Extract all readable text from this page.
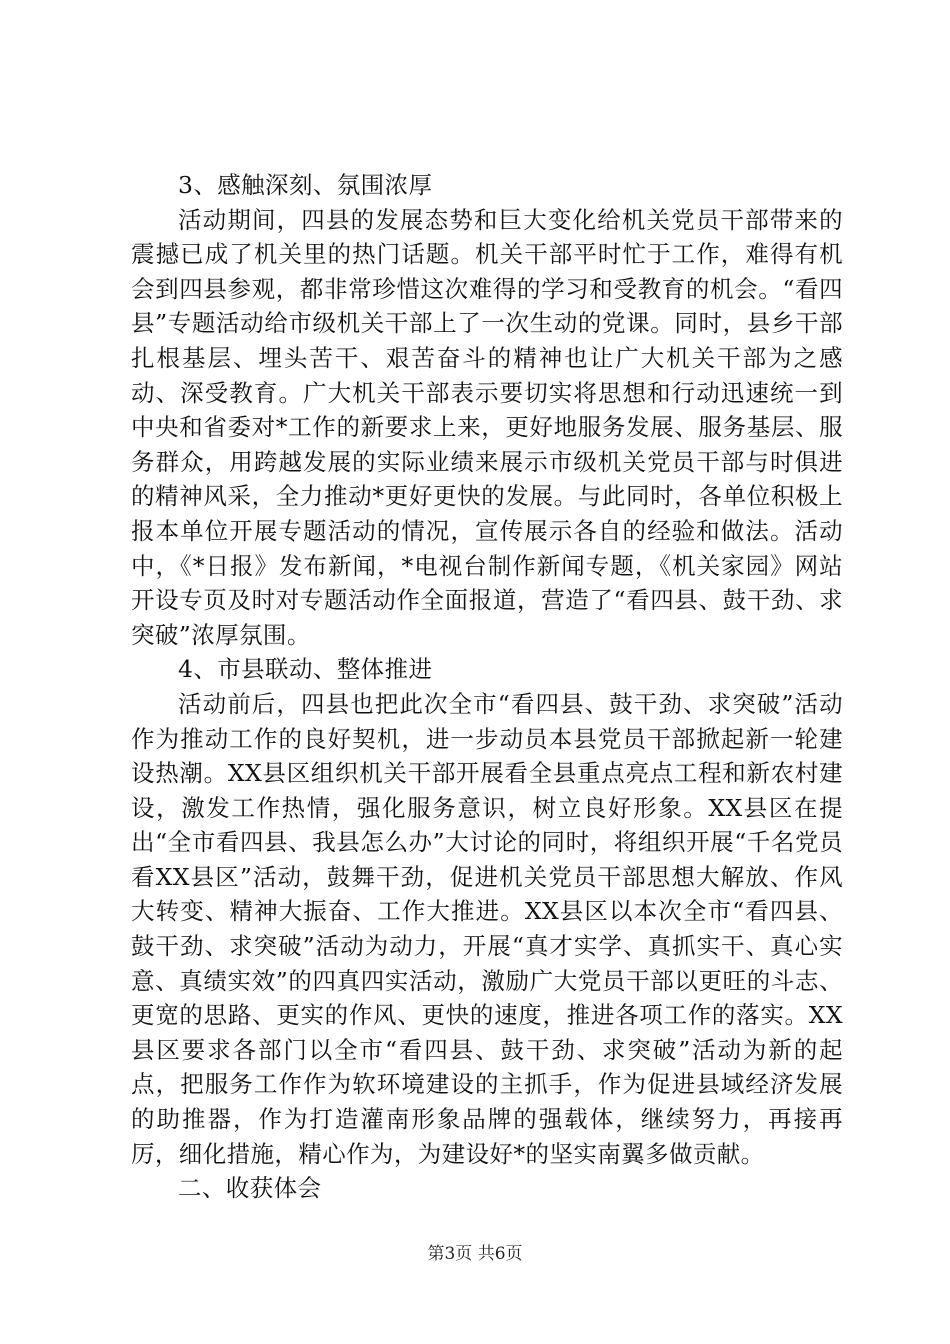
3、感触深刻、氛围浓厚

活动期间，四县的发展态势和巨大变化给机关党员干部带来的震撼已成了机关里的热门话题。机关干部平时忙于工作，难得有机会到四县参观，都非常珍惜这次难得的学习和受教育的机会。“看四县”专题活动给市级机关干部上了一次生动的党课。同时，县乡干部扎根基层、埋头苦干、艰苦奋斗的精神也让广大机关干部为之感动、深受教育。广大机关干部表示要切实将思想和行动迅速统一到中央和省委对*工作的新要求上来，更好地服务发展、服务基层、服务群众，用跨越发展的实际业绩来展示市级机关党员干部与时俱进的精神风采，全力推动*更好更快的发展。与此同时，各单位积极上报本单位开展专题活动的情况，宣传展示各自的经验和做法。活动中，《*日报》发布新闻，*电视台制作新闻专题，《机关家园》网站开设专页及时对专题活动作全面报道，营造了“看四县、鼓干劲、求突破”浓厚氛围。

4、市县联动、整体推进

活动前后，四县也把此次全市“看四县、鼓干劲、求突破”活动作为推动工作的良好契机，进一步动员本县党员干部掀起新一轮建设热潮。XX县区组织机关干部开展看全县重点亮点工程和新农村建设，激发工作热情，强化服务意识，树立良好形象。XX县区在提出“全市看四县、我县怎么办”大讨论的同时，将组织开展“千名党员看XX县区”活动，鼓舞干劲，促进机关党员干部思想大解放、作风大转变、精神大振奋、工作大推进。XX县区以本次全市“看四县、鼓干劲、求突破”活动为动力，开展“真才实学、真抓实干、真心实意、真绩实效”的四真四实活动，激励广大党员干部以更旺的斗志、更宽的思路、更实的作风、更快的速度，推进各项工作的落实。XX县区要求各部门以全市“看四县、鼓干劲、求突破”活动为新的起点，把服务工作作为软环境建设的主抓手，作为促进县域经济发展的助推器，作为打造灌南形象品牌的强载体，继续努力，再接再厉，细化措施，精心作为，为建设好*的坚实南翼多做贡献。

二、收获体会

第3页 共6页
